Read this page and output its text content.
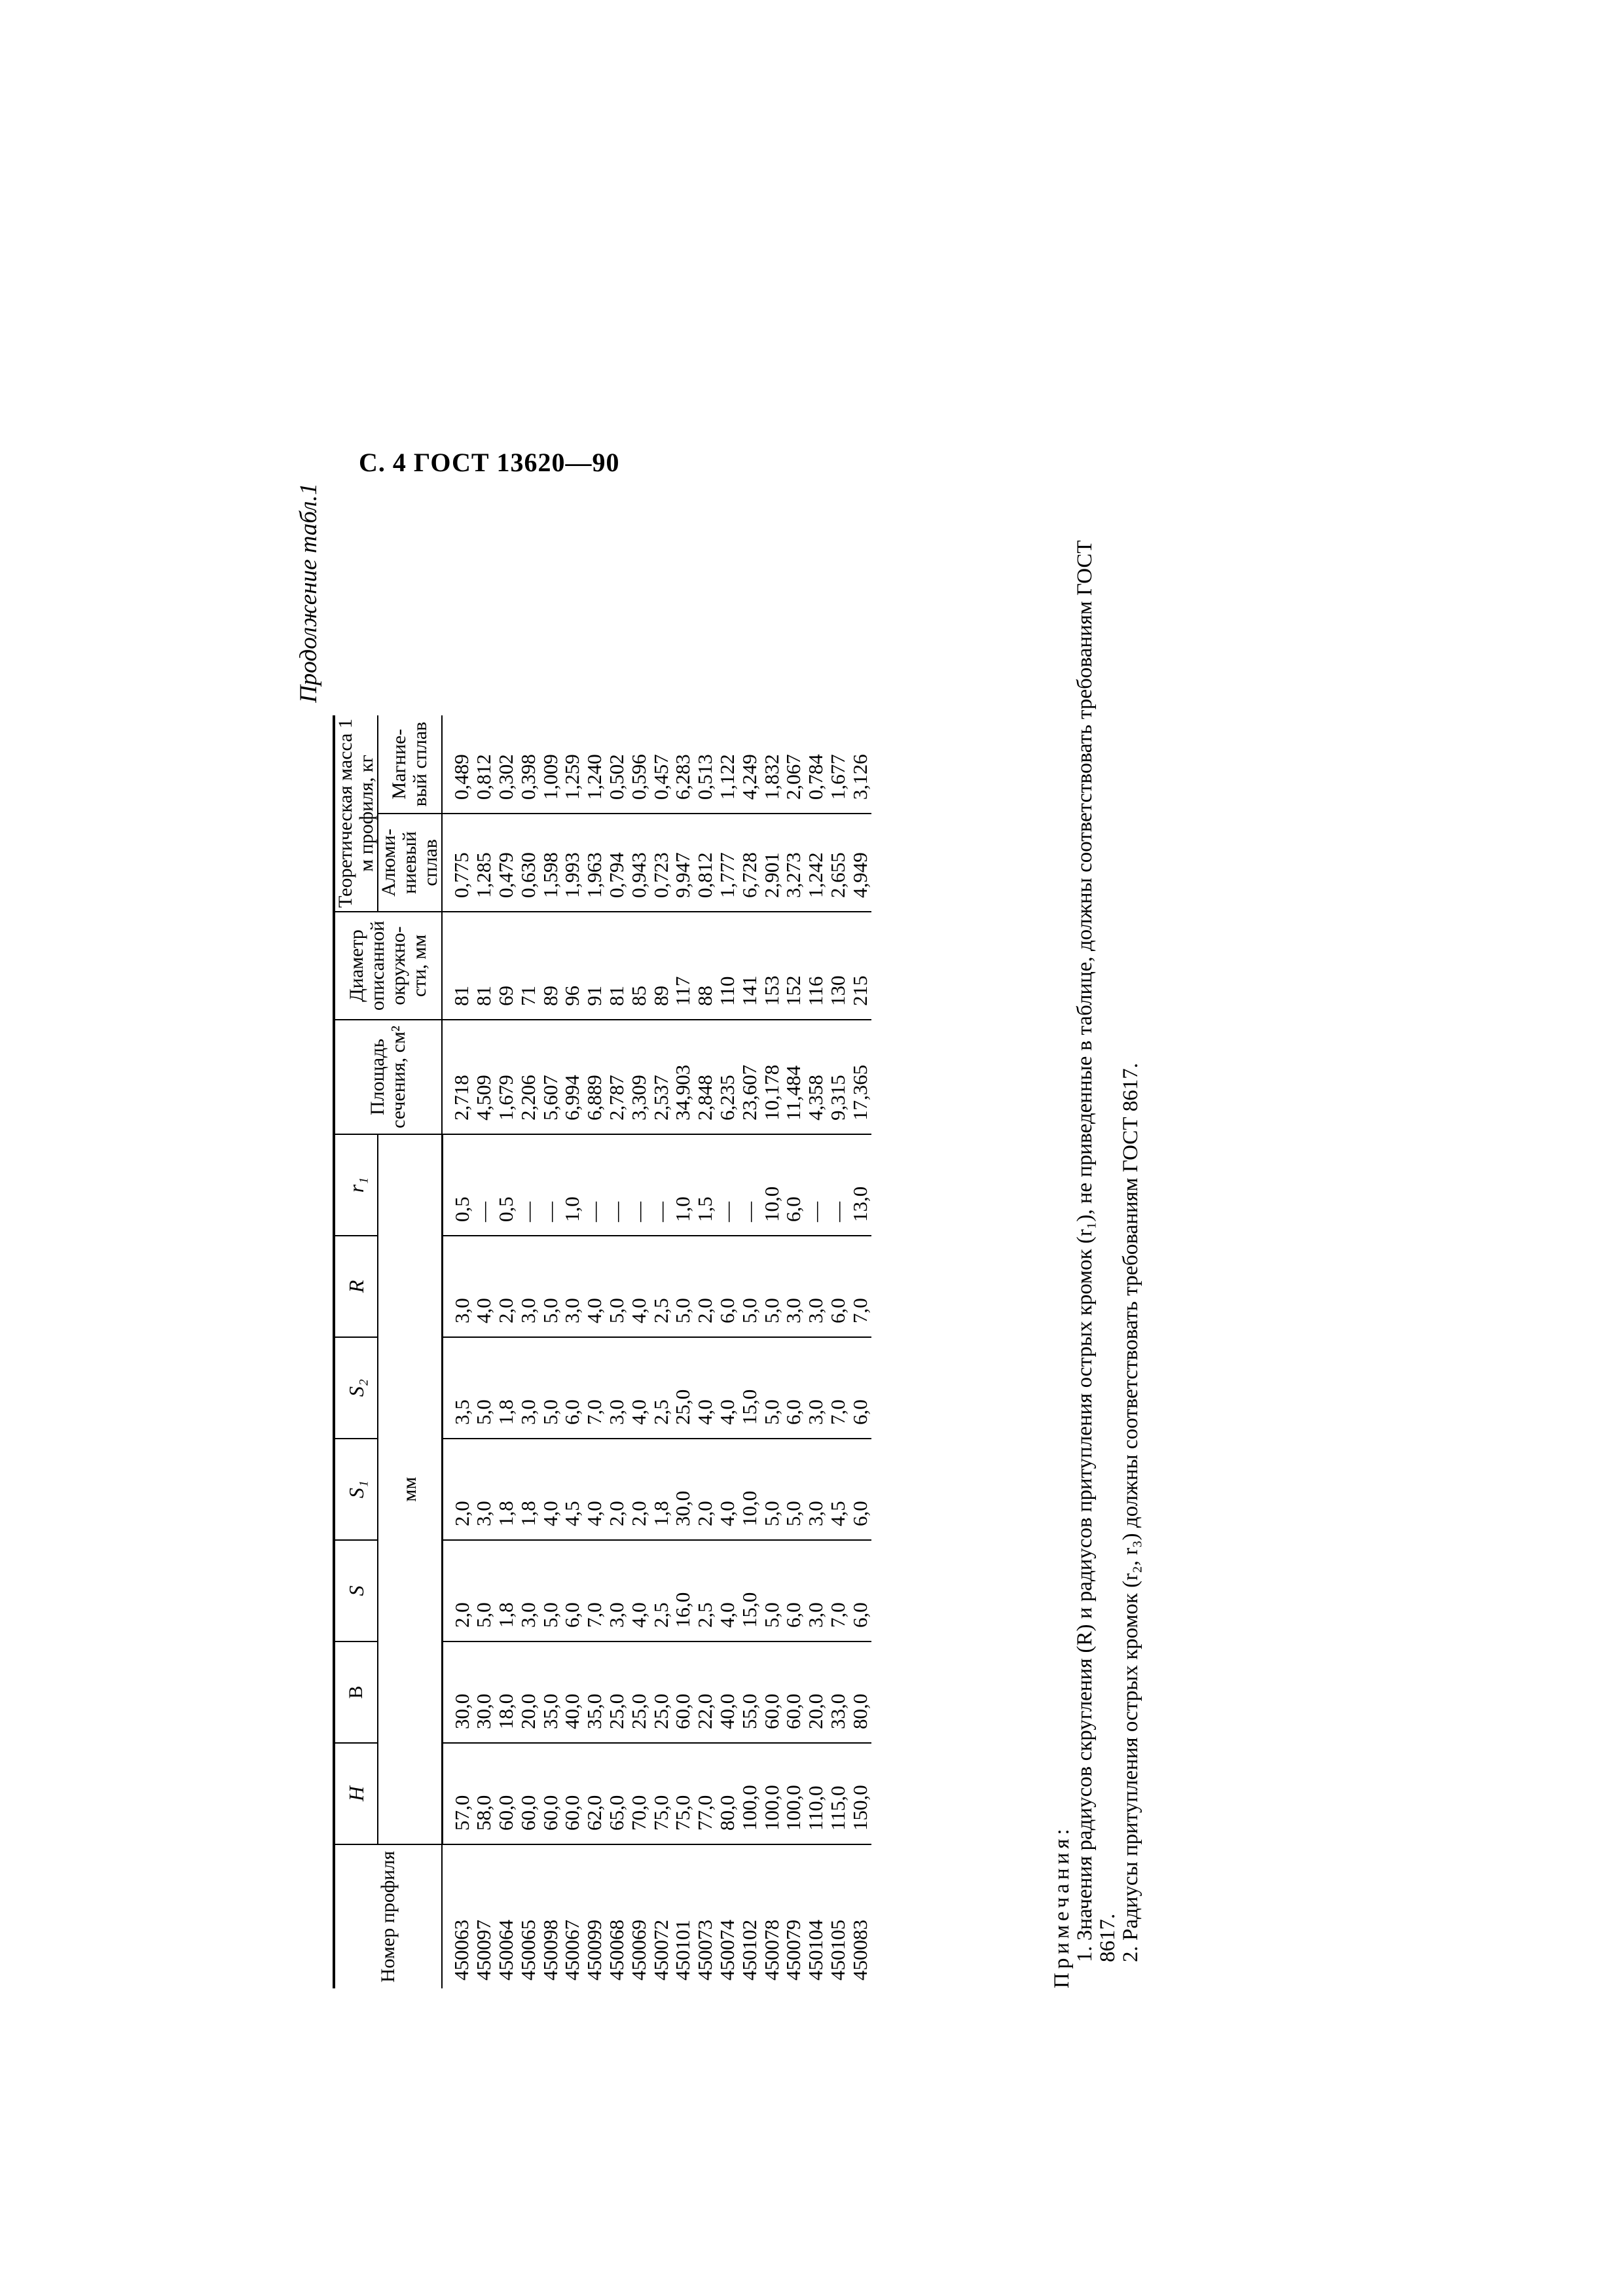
С. 4 ГОСТ 13620—90
Продолжение табл.1
Номер профиля	H	B	S	S₁	S₂	R	r₁	Площадь сечения, см²	Диаметр описанной окружно-сти, мм	Теоретическая масса 1 м профиля, кг	
										Алюми-ниевый сплав	Магние-вый сплав
	мм										
450063	57,0	30,0	2,0	2,0	3,5	3,0	0,5	2,718	81	0,775	0,489
450097	58,0	30,0	5,0	3,0	5,0	4,0	—	4,509	81	1,285	0,812
450064	60,0	18,0	1,8	1,8	1,8	2,0	0,5	1,679	69	0,479	0,302
450065	60,0	20,0	3,0	1,8	3,0	3,0	—	2,206	71	0,630	0,398
450098	60,0	35,0	5,0	4,0	5,0	5,0	—	5,607	89	1,598	1,009
450067	60,0	40,0	6,0	4,5	6,0	3,0	1,0	6,994	96	1,993	1,259
450099	62,0	35,0	7,0	4,0	7,0	4,0	—	6,889	91	1,963	1,240
450068	65,0	25,0	3,0	2,0	3,0	5,0	—	2,787	81	0,794	0,502
450069	70,0	25,0	4,0	2,0	4,0	4,0	—	3,309	85	0,943	0,596
450072	75,0	25,0	2,5	1,8	2,5	2,5	—	2,537	89	0,723	0,457
450101	75,0	60,0	16,0	30,0	25,0	5,0	1,0	34,903	117	9,947	6,283
450073	77,0	22,0	2,5	2,0	4,0	2,0	1,5	2,848	88	0,812	0,513
450074	80,0	40,0	4,0	4,0	4,0	6,0	—	6,235	110	1,777	1,122
450102	100,0	55,0	15,0	10,0	15,0	5,0	—	23,607	141	6,728	4,249
450078	100,0	60,0	5,0	5,0	5,0	5,0	10,0	10,178	153	2,901	1,832
450079	100,0	60,0	6,0	5,0	6,0	3,0	6,0	11,484	152	3,273	2,067
450104	110,0	20,0	3,0	3,0	3,0	3,0	—	4,358	116	1,242	0,784
450105	115,0	33,0	7,0	4,5	7,0	6,0	—	9,315	130	2,655	1,677
450083	150,0	80,0	6,0	6,0	6,0	7,0	13,0	17,365	215	4,949	3,126

Примечания: 1. Значения радиусов скругления (R) и радиусов притупления острых кромок (r₁), не приведенные в таблице, должны соответствовать требованиям ГОСТ 8617. 2. Радиусы притупления острых кромок (r₂, r₃) должны соответствовать требованиям ГОСТ 8617.
